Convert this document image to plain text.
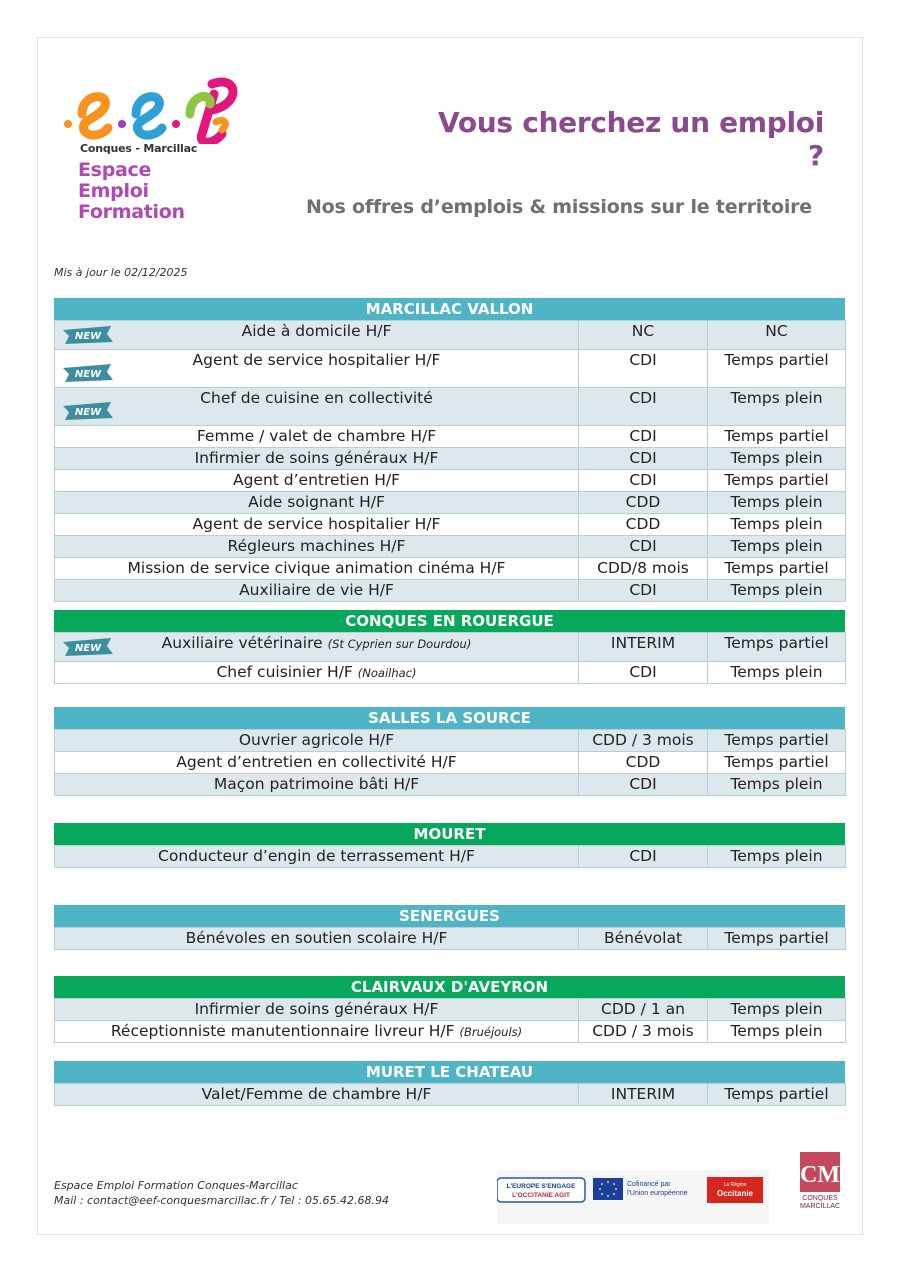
Conques - Marcillac
Espace
Emploi
Formation
Vous cherchez un emploi ?
Nos offres d’emplois & missions sur le territoire
Mis à jour le 02/12/2025
MARCILLAC VALLON
NEW Aide à domicile H/F	NC	NC

NEW
Agent de service hospitalier H/F	CDI	Temps partiel

NEW
Chef de cuisine en collectivité	CDI	Temps plein
Femme / valet de chambre H/F	CDI	Temps partiel
Infirmier de soins généraux H/F	CDI	Temps plein
Agent d’entretien H/F	CDI	Temps partiel
Aide soignant H/F	CDD	Temps plein
Agent de service hospitalier H/F	CDD	Temps plein
Régleurs machines H/F	CDI	Temps plein
Mission de service civique animation cinéma H/F	CDD/8 mois	Temps partiel
Auxiliaire de vie H/F	CDI	Temps plein
CONQUES EN ROUERGUE
NEW Auxiliaire vétérinaire (St Cyprien sur Dourdou)	INTERIM	Temps partiel
Chef cuisinier H/F (Noailhac)	CDI	Temps plein
SALLES LA SOURCE
Ouvrier agricole H/F	CDD / 3 mois	Temps partiel
Agent d’entretien en collectivité H/F	CDD	Temps partiel
Maçon patrimoine bâti H/F	CDI	Temps plein
MOURET
Conducteur d’engin de terrassement H/F	CDI	Temps plein
SENERGUES
Bénévoles en soutien scolaire H/F	Bénévolat	Temps partiel
CLAIRVAUX D'AVEYRON
Infirmier de soins généraux H/F	CDD / 1 an	Temps plein
Réceptionniste manutentionnaire livreur H/F (Bruéjouls)	CDD / 3 mois	Temps plein
MURET LE CHATEAU
Valet/Femme de chambre H/F	INTERIM	Temps partiel
Espace Emploi Formation Conques-Marcillac
Mail : contact@eef-conquesmarcillac.fr / Tel : 05.65.42.68.94
L'EUROPE S'ENGAGE
L'OCCITANIE AGIT
Cofinancé par
l'Union européenne
La Région
Occitanie
CM
CONQUES
MARCILLAC
